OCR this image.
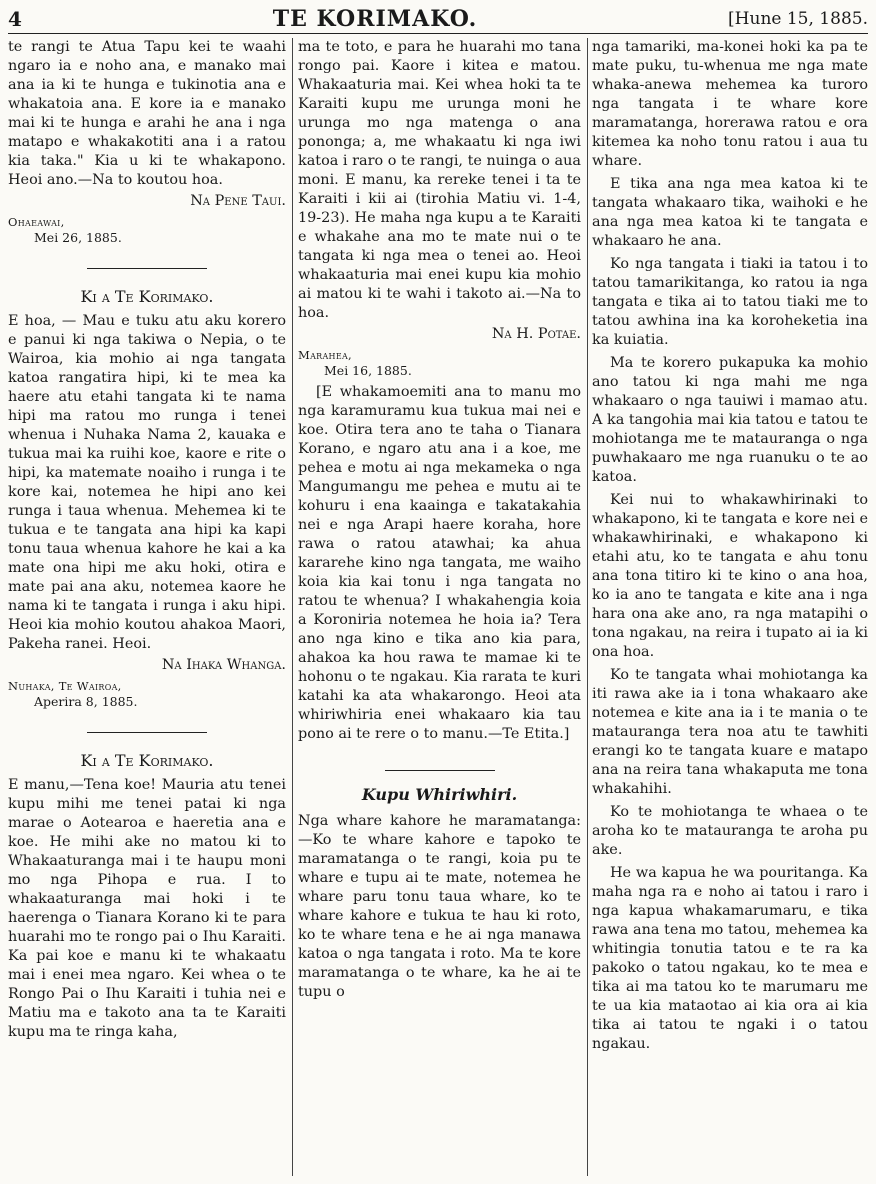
4	TE KORIMAKO.	[Hune 15, 1885.

te rangi te Atua Tapu kei te waahi ngaro ia e noho ana, e manako mai ana ia ki te hunga e tukinotia ana e whakatoia ana. E kore ia e manako mai ki te hunga e arahi he ana i nga matapo e whakakotiti ana i a ratou kia taka." Kia u ki te whakapono. Heoi ano.—Na to koutou hoa.

Na Pene Taui.

Ohaeawai,

Mei 26, 1885.

Ki a Te Korimako.

E hoa, — Mau e tuku atu aku korero e panui ki nga takiwa o Nepia, o te Wairoa, kia mohio ai nga tangata katoa rangatira hipi, ki te mea ka haere atu etahi tangata ki te nama hipi ma ratou mo runga i tenei whenua i Nuhaka Nama 2, kauaka e tukua mai ka ruihi koe, kaore e rite o hipi, ka matemate noaiho i runga i te kore kai, notemea he hipi ano kei runga i taua whenua. Mehemea ki te tukua e te tangata ana hipi ka kapi tonu taua whenua kahore he kai a ka mate ona hipi me aku hoki, otira e mate pai ana aku, notemea kaore he nama ki te tangata i runga i aku hipi. Heoi kia mohio koutou ahakoa Maori, Pakeha ranei. Heoi.

Na Ihaka Whanga.

Nuhaka, Te Wairoa,

Aperira 8, 1885.

Ki a Te Korimako.

E manu,—Tena koe! Mauria atu tenei kupu mihi me tenei patai ki nga marae o Aotearoa e haeretia ana e koe. He mihi ake no matou ki to Whakaaturanga mai i te haupu moni mo nga Pihopa e rua. I to whakaaturanga mai hoki i te haerenga o Tianara Korano ki te para huarahi mo te rongo pai o Ihu Karaiti. Ka pai koe e manu ki te whakaatu mai i enei mea ngaro. Kei whea o te Rongo Pai o Ihu Karaiti i tuhia nei e Matiu ma e takoto ana ta te Karaiti kupu ma te ringa kaha,

ma te toto, e para he huarahi mo tana rongo pai. Kaore i kitea e matou. Whakaaturia mai. Kei whea hoki ta te Karaiti kupu me urunga moni he urunga mo nga matenga o ana pononga; a, me whakaatu ki nga iwi katoa i raro o te rangi, te nuinga o aua moni. E manu, ka rereke tenei i ta te Karaiti i kii ai (tirohia Matiu vi. 1-4, 19-23). He maha nga kupu a te Karaiti e whakahe ana mo te mate nui o te tangata ki nga mea o tenei ao. Heoi whakaaturia mai enei kupu kia mohio ai matou ki te wahi i takoto ai.—Na to hoa.

Na H. Potae.

Marahea,

Mei 16, 1885.

[E whakamoemiti ana to manu mo nga karamuramu kua tukua mai nei e koe. Otira tera ano te taha o Tianara Korano, e ngaro atu ana i a koe, me pehea e motu ai nga mekameka o nga Mangumangu me pehea e mutu ai te kohuru i ena kaainga e takatakahia nei e nga Arapi haere koraha, hore rawa o ratou atawhai; ka ahua kararehe kino nga tangata, me waiho koia kia kai tonu i nga tangata no ratou te whenua? I whakahengia koia a Koroniria notemea he hoia ia? Tera ano nga kino e tika ano kia para, ahakoa ka hou rawa te mamae ki te hohonu o te ngakau. Kia rarata te kuri katahi ka ata whakarongo. Heoi ata whiriwhiria enei whakaaro kia tau pono ai te rere o to manu.—Te Etita.]

Kupu Whiriwhiri.

Nga whare kahore he maramatanga:—Ko te whare kahore e tapoko te maramatanga o te rangi, koia pu te whare e tupu ai te mate, notemea he whare paru tonu taua whare, ko te whare kahore e tukua te hau ki roto, ko te whare tena e he ai nga manawa katoa o nga tangata i roto. Ma te kore maramatanga o te whare, ka he ai te tupu o

nga tamariki, ma-konei hoki ka pa te mate puku, tu-whenua me nga mate whaka-anewa mehemea ka turoro nga tangata i te whare kore maramatanga, horerawa ratou e ora kitemea ka noho tonu ratou i aua tu whare.

E tika ana nga mea katoa ki te tangata whakaaro tika, waihoki e he ana nga mea katoa ki te tangata e whakaaro he ana.

Ko nga tangata i tiaki ia tatou i to tatou tamarikitanga, ko ratou ia nga tangata e tika ai to tatou tiaki me to tatou awhina ina ka koroheketia ina ka kuiatia.

Ma te korero pukapuka ka mohio ano tatou ki nga mahi me nga whakaaro o nga tauiwi i mamao atu. A ka tangohia mai kia tatou e tatou te mohiotanga me te matauranga o nga puwhakaaro me nga ruanuku o te ao katoa.

Kei nui to whakawhirinaki to whakapono, ki te tangata e kore nei e whakawhirinaki, e whakapono ki etahi atu, ko te tangata e ahu tonu ana tona titiro ki te kino o ana hoa, ko ia ano te tangata e kite ana i nga hara ona ake ano, ra nga matapihi o tona ngakau, na reira i tupato ai ia ki ona hoa.

Ko te tangata whai mohiotanga ka iti rawa ake ia i tona whakaaro ake notemea e kite ana ia i te mania o te matauranga tera noa atu te tawhiti erangi ko te tangata kuare e matapo ana na reira tana whakaputa me tona whakahihi.

Ko te mohiotanga te whaea o te aroha ko te matauranga te aroha pu ake.

He wa kapua he wa pouritanga. Ka maha nga ra e noho ai tatou i raro i nga kapua whakamarumaru, e tika rawa ana tena mo tatou, mehemea ka whitingia tonutia tatou e te ra ka pakoko o tatou ngakau, ko te mea e tika ai ma tatou ko te marumaru me te ua kia mataotao ai kia ora ai kia tika ai tatou te ngaki i o tatou ngakau.
